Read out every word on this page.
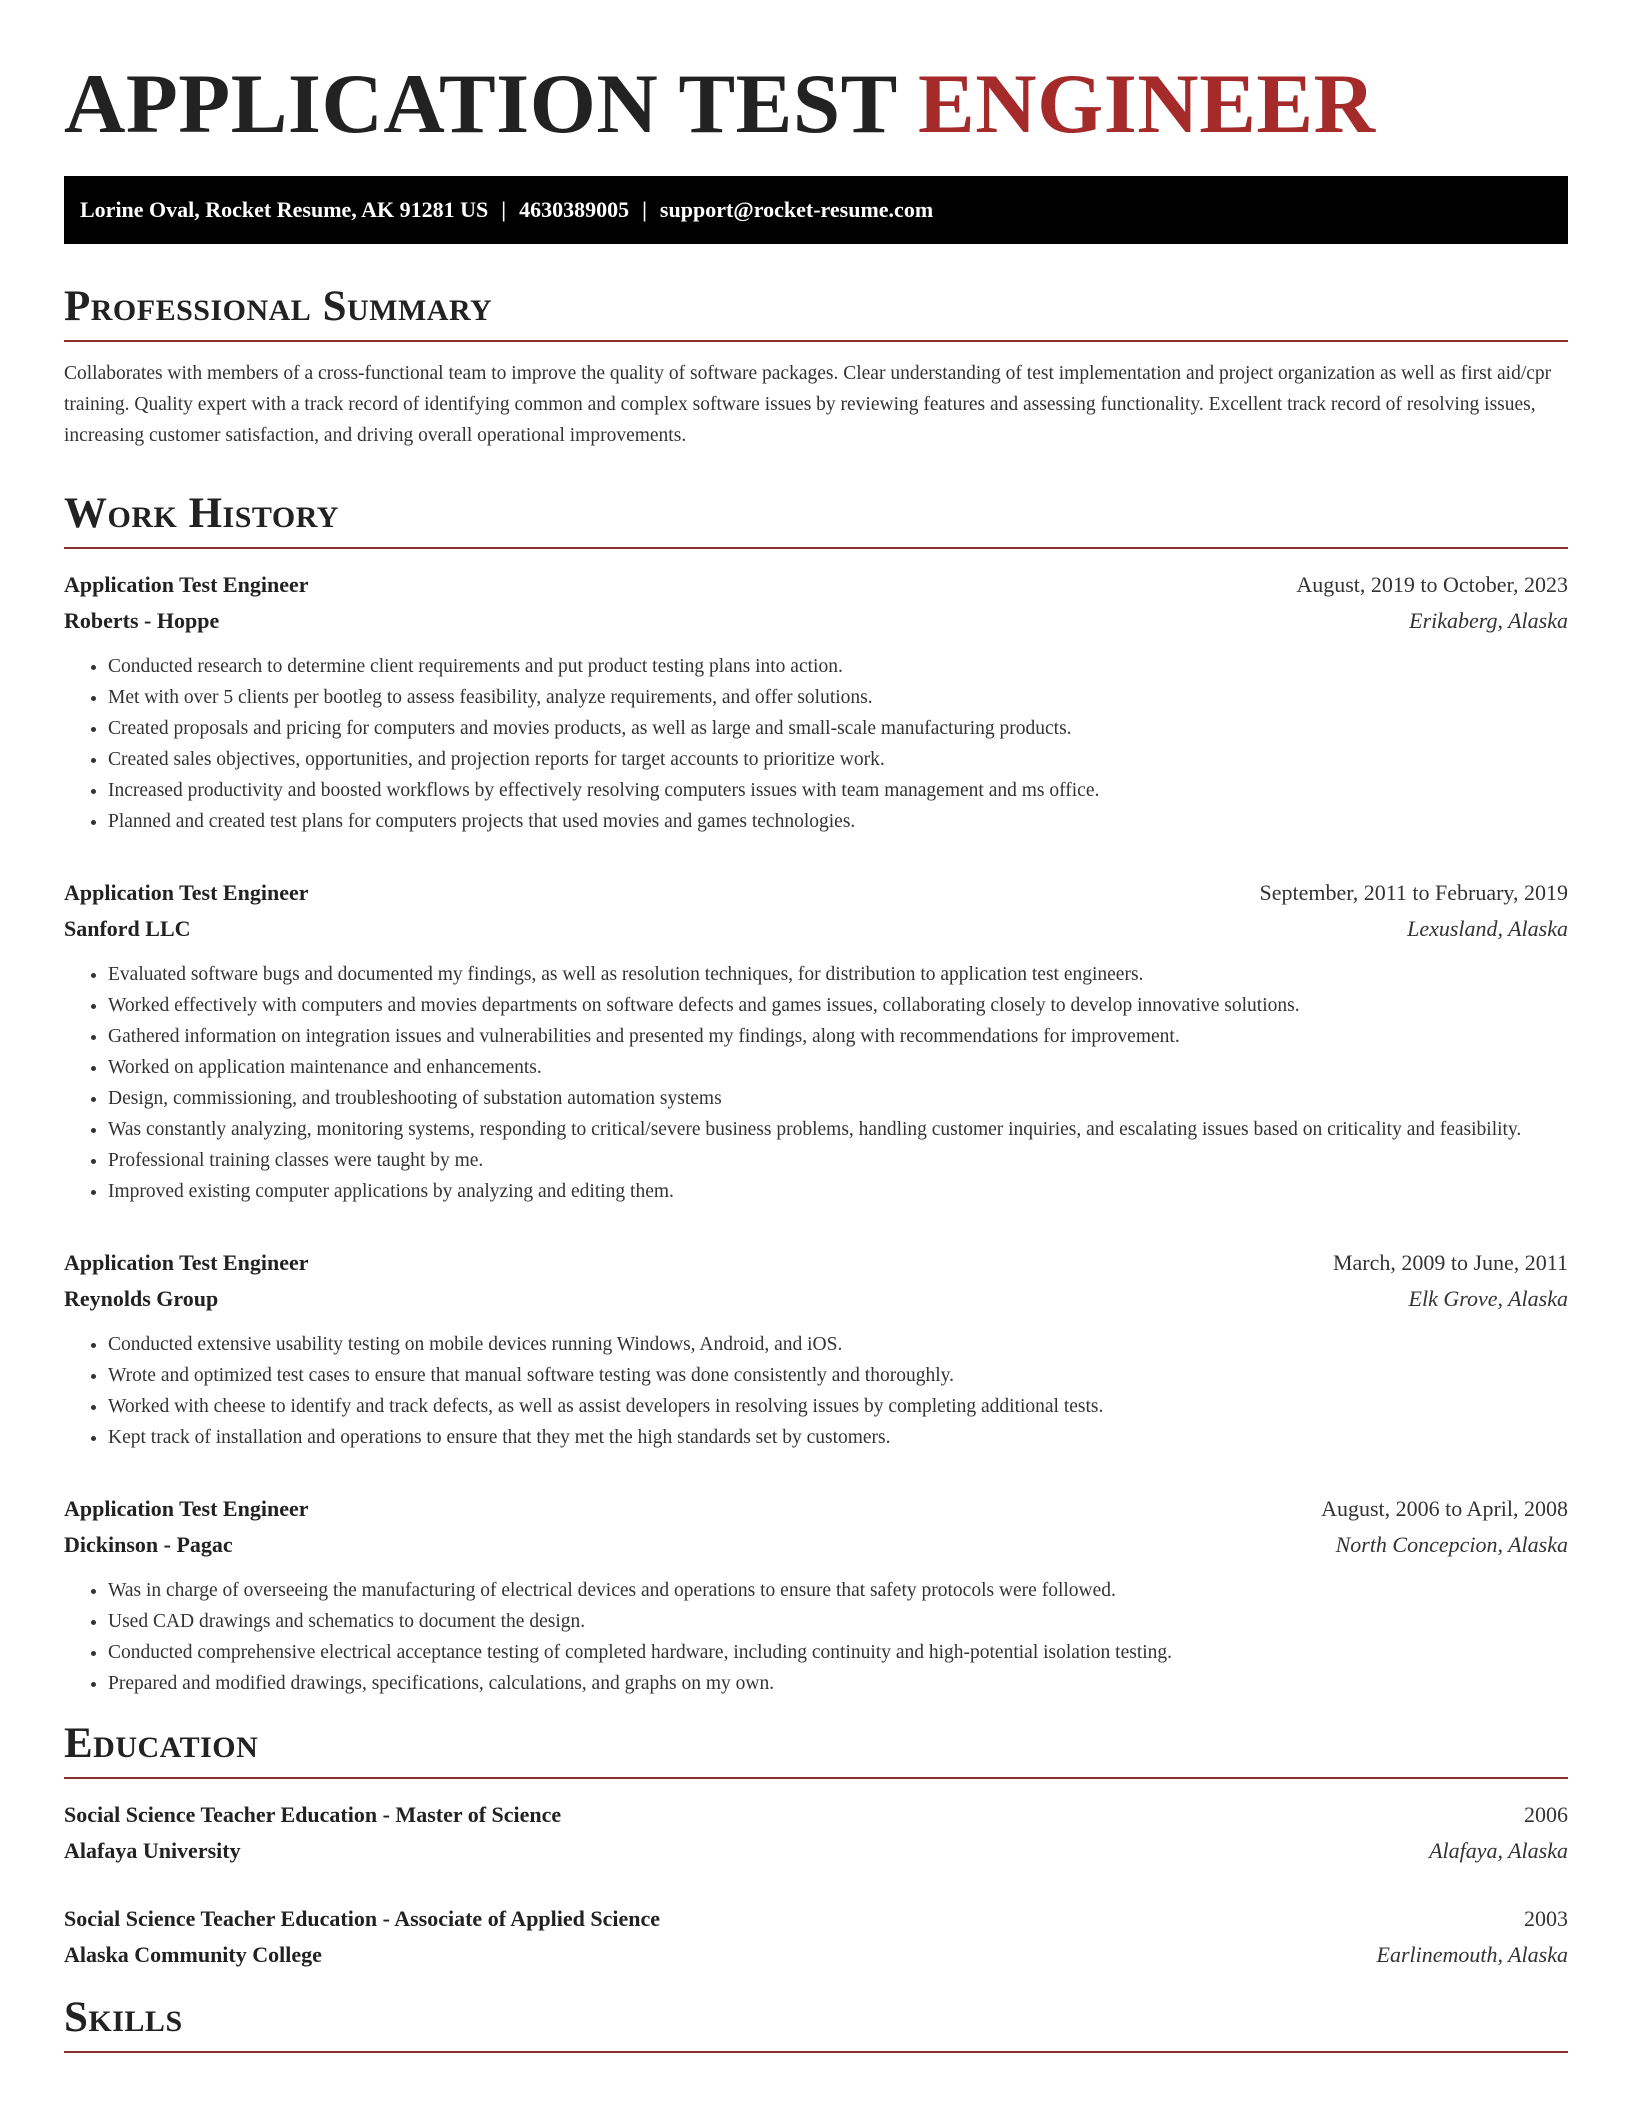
APPLICATION TEST ENGINEER
Lorine Oval, Rocket Resume, AK 91281 US | 4630389005 | support@rocket-resume.com
Professional Summary

Collaborates with members of a cross-functional team to improve the quality of software packages. Clear understanding of test implementation and project organization as well as first aid/cpr training. Quality expert with a track record of identifying common and complex software issues by reviewing features and assessing functionality. Excellent track record of resolving issues, increasing customer satisfaction, and driving overall operational improvements.

Work History
Application Test Engineer	August, 2019 to October, 2023
Roberts - Hoppe	Erikaberg, Alaska
• Conducted research to determine client requirements and put product testing plans into action.
• Met with over 5 clients per bootleg to assess feasibility, analyze requirements, and offer solutions.
• Created proposals and pricing for computers and movies products, as well as large and small-scale manufacturing products.
• Created sales objectives, opportunities, and projection reports for target accounts to prioritize work.
• Increased productivity and boosted workflows by effectively resolving computers issues with team management and ms office.
• Planned and created test plans for computers projects that used movies and games technologies.
Application Test Engineer	September, 2011 to February, 2019
Sanford LLC	Lexusland, Alaska
• Evaluated software bugs and documented my findings, as well as resolution techniques, for distribution to application test engineers.
• Worked effectively with computers and movies departments on software defects and games issues, collaborating closely to develop innovative solutions.
• Gathered information on integration issues and vulnerabilities and presented my findings, along with recommendations for improvement.
• Worked on application maintenance and enhancements.
• Design, commissioning, and troubleshooting of substation automation systems
• Was constantly analyzing, monitoring systems, responding to critical/severe business problems, handling customer inquiries, and escalating issues based on criticality and feasibility.
• Professional training classes were taught by me.
• Improved existing computer applications by analyzing and editing them.
Application Test Engineer	March, 2009 to June, 2011
Reynolds Group	Elk Grove, Alaska
• Conducted extensive usability testing on mobile devices running Windows, Android, and iOS.
• Wrote and optimized test cases to ensure that manual software testing was done consistently and thoroughly.
• Worked with cheese to identify and track defects, as well as assist developers in resolving issues by completing additional tests.
• Kept track of installation and operations to ensure that they met the high standards set by customers.
Application Test Engineer	August, 2006 to April, 2008
Dickinson - Pagac	North Concepcion, Alaska
• Was in charge of overseeing the manufacturing of electrical devices and operations to ensure that safety protocols were followed.
• Used CAD drawings and schematics to document the design.
• Conducted comprehensive electrical acceptance testing of completed hardware, including continuity and high-potential isolation testing.
• Prepared and modified drawings, specifications, calculations, and graphs on my own.
Education
Social Science Teacher Education - Master of Science	2006
Alafaya University	Alafaya, Alaska
Social Science Teacher Education - Associate of Applied Science	2003
Alaska Community College	Earlinemouth, Alaska
Skills
